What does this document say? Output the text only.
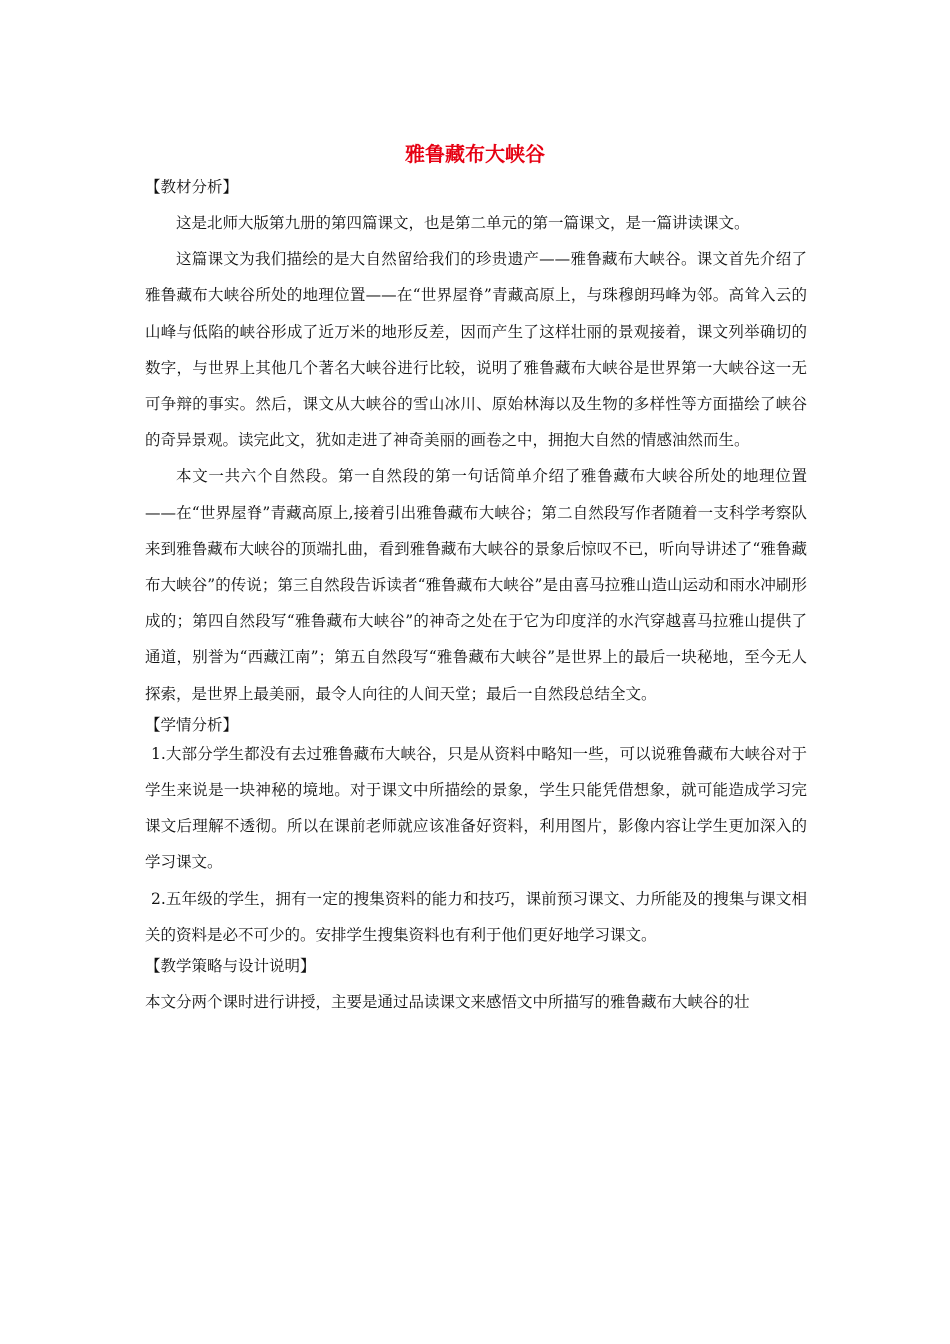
雅鲁藏布大峡谷
【教材分析】

这是北师大版第九册的第四篇课文，也是第二单元的第一篇课文，是一篇讲读课文。

这篇课文为我们描绘的是大自然留给我们的珍贵遗产——雅鲁藏布大峡谷。课文首先介绍了雅鲁藏布大峡谷所处的地理位置——在“世界屋脊”青藏高原上，与珠穆朗玛峰为邻。高耸入云的山峰与低陷的峡谷形成了近万米的地形反差，因而产生了这样壮丽的景观接着，课文列举确切的数字，与世界上其他几个著名大峡谷进行比较，说明了雅鲁藏布大峡谷是世界第一大峡谷这一无可争辩的事实。然后，课文从大峡谷的雪山冰川、原始林海以及生物的多样性等方面描绘了峡谷的奇异景观。读完此文，犹如走进了神奇美丽的画卷之中，拥抱大自然的情感油然而生。

本文一共六个自然段。第一自然段的第一句话简单介绍了雅鲁藏布大峡谷所处的地理位置——在“世界屋脊”青藏高原上,接着引出雅鲁藏布大峡谷；第二自然段写作者随着一支科学考察队来到雅鲁藏布大峡谷的顶端扎曲，看到雅鲁藏布大峡谷的景象后惊叹不已，听向导讲述了“雅鲁藏布大峡谷”的传说；第三自然段告诉读者“雅鲁藏布大峡谷”是由喜马拉雅山造山运动和雨水冲刷形成的；第四自然段写“雅鲁藏布大峡谷”的神奇之处在于它为印度洋的水汽穿越喜马拉雅山提供了通道，别誉为“西藏江南”；第五自然段写“雅鲁藏布大峡谷”是世界上的最后一块秘地，至今无人探索，是世界上最美丽，最令人向往的人间天堂；最后一自然段总结全文。

【学情分析】

1.大部分学生都没有去过雅鲁藏布大峡谷，只是从资料中略知一些，可以说雅鲁藏布大峡谷对于学生来说是一块神秘的境地。对于课文中所描绘的景象，学生只能凭借想象，就可能造成学习完课文后理解不透彻。所以在课前老师就应该准备好资料，利用图片，影像内容让学生更加深入的学习课文。

2.五年级的学生，拥有一定的搜集资料的能力和技巧，课前预习课文、力所能及的搜集与课文相关的资料是必不可少的。安排学生搜集资料也有利于他们更好地学习课文。

【教学策略与设计说明】

本文分两个课时进行讲授，主要是通过品读课文来感悟文中所描写的雅鲁藏布大峡谷的壮
